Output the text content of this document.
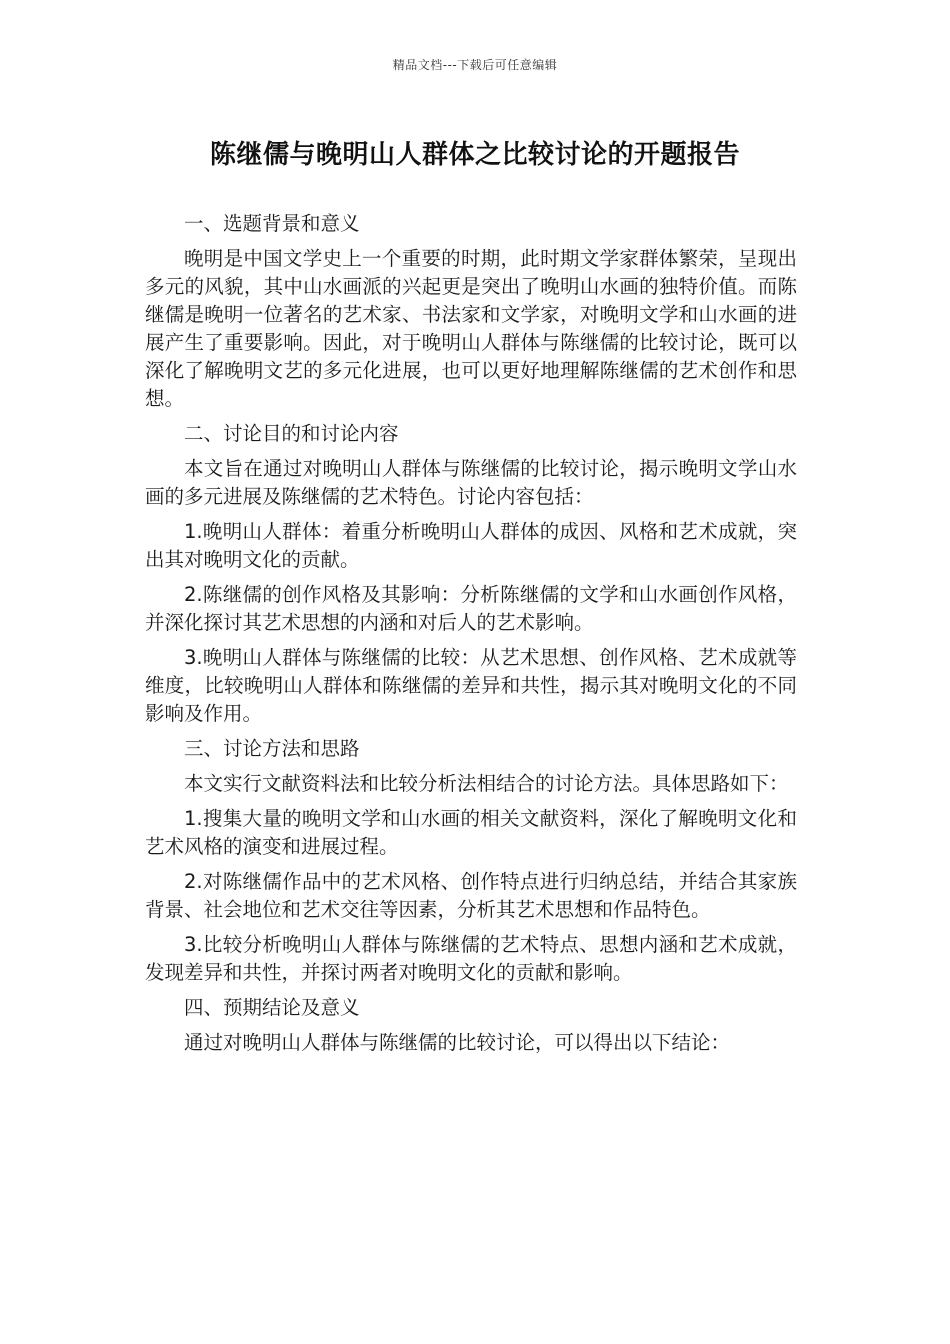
精品文档---下载后可任意编辑
陈继儒与晚明山人群体之比较讨论的开题报告

一、选题背景和意义

晚明是中国文学史上一个重要的时期，此时期文学家群体繁荣，呈现出多元的风貌，其中山水画派的兴起更是突出了晚明山水画的独特价值。而陈继儒是晚明一位著名的艺术家、书法家和文学家，对晚明文学和山水画的进展产生了重要影响。因此，对于晚明山人群体与陈继儒的比较讨论，既可以深化了解晚明文艺的多元化进展，也可以更好地理解陈继儒的艺术创作和思想。

二、讨论目的和讨论内容

本文旨在通过对晚明山人群体与陈继儒的比较讨论，揭示晚明文学山水画的多元进展及陈继儒的艺术特色。讨论内容包括：

1.晚明山人群体：着重分析晚明山人群体的成因、风格和艺术成就，突出其对晚明文化的贡献。

2.陈继儒的创作风格及其影响：分析陈继儒的文学和山水画创作风格，并深化探讨其艺术思想的内涵和对后人的艺术影响。

3.晚明山人群体与陈继儒的比较：从艺术思想、创作风格、艺术成就等维度，比较晚明山人群体和陈继儒的差异和共性，揭示其对晚明文化的不同影响及作用。

三、讨论方法和思路

本文实行文献资料法和比较分析法相结合的讨论方法。具体思路如下：

1.搜集大量的晚明文学和山水画的相关文献资料，深化了解晚明文化和艺术风格的演变和进展过程。

2.对陈继儒作品中的艺术风格、创作特点进行归纳总结，并结合其家族背景、社会地位和艺术交往等因素，分析其艺术思想和作品特色。

3.比较分析晚明山人群体与陈继儒的艺术特点、思想内涵和艺术成就，发现差异和共性，并探讨两者对晚明文化的贡献和影响。

四、预期结论及意义

通过对晚明山人群体与陈继儒的比较讨论，可以得出以下结论：
